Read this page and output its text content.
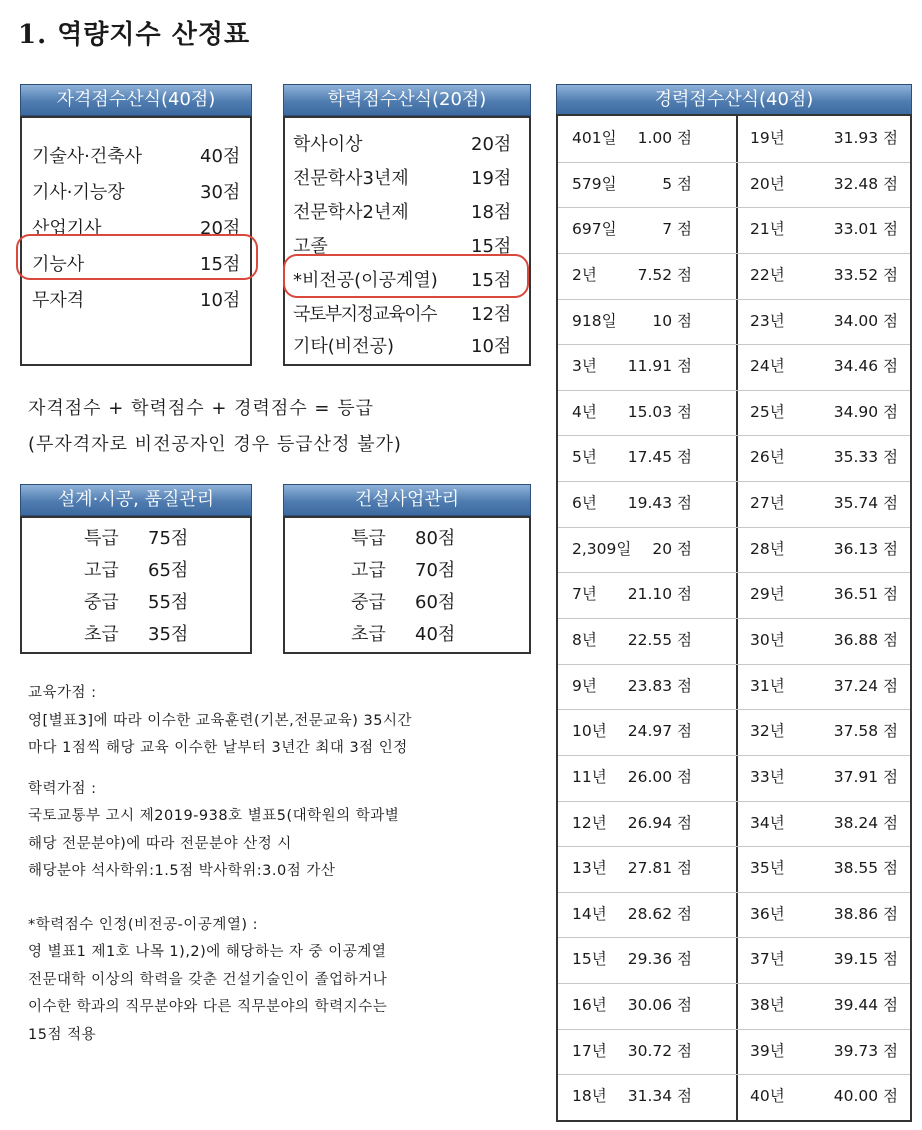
1. 역량지수 산정표
자격점수산식(40점)
기술사·건축사	40점
기사·기능장	30점
산업기사	20점
기능사	15점
무자격	10점
학력점수산식(20점)
학사이상	20점
전문학사3년제	19점
전문학사2년제	18점
고졸	15점
*비전공(이공계열) 15점
국토부지정교육이수 12점
기타(비전공)	10점
자격점수 + 학력점수 + 경력점수 = 등급
(무자격자로 비전공자인 경우 등급산정 불가)
설계·시공, 품질관리
특급 75점
고급 65점
중급 55점
초급 35점
건설사업관리
특급 80점
고급 70점
중급 60점
초급 40점

교육가점 :

영[별표3]에 따라 이수한 교육훈련(기본,전문교육) 35시간

마다 1점씩 해당 교육 이수한 날부터 3년간 최대 3점 인정

학력가점 :

국토교통부 고시 제2019-938호 별표5(대학원의 학과별

해당 전문분야)에 따라 전문분야 산정 시

해당분야 석사학위:1.5점 박사학위:3.0점 가산

*학력점수 인정(비전공-이공계열) :

영 별표1 제1호 나목 1),2)에 해당하는 자 중 이공계열

전문대학 이상의 학력을 갖춘 건설기술인이 졸업하거나

이수한 학과의 직무분야와 다른 직무분야의 학력지수는

15점 적용

경력점수산식(40점)
401일 1.00 점	19년	31.93 점
579일	5 점	20년	32.48 점
697일	7 점	21년	33.01 점
2년	7.52 점	22년	33.52 점
918일 10 점	23년	34.00 점
3년 11.91 점	24년	34.46 점
4년 15.03 점	25년	34.90 점
5년 17.45 점	26년	35.33 점
6년 19.43 점	27년	35.74 점
2,309일 20 점	28년	36.13 점
7년 21.10 점	29년	36.51 점
8년 22.55 점	30년	36.88 점
9년 23.83 점	31년	37.24 점
10년 24.97 점	32년	37.58 점
11년 26.00 점	33년	37.91 점
12년 26.94 점	34년	38.24 점
13년 27.81 점	35년	38.55 점
14년 28.62 점	36년	38.86 점
15년 29.36 점	37년	39.15 점
16년 30.06 점	38년	39.44 점
17년 30.72 점	39년	39.73 점
18년 31.34 점	40년	40.00 점
